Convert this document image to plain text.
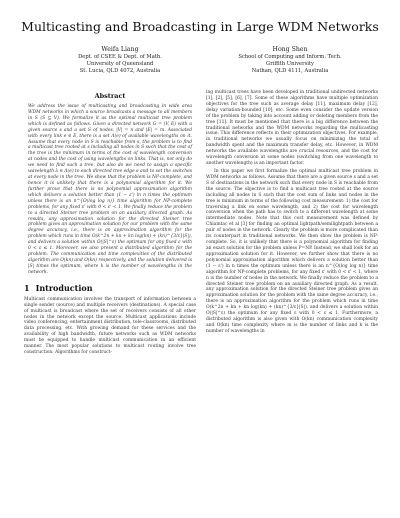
Multicasting and Broadcasting in Large WDM Networks
Weifa Liang
Dept. of CSEE & Dept. of Math.
University of Queensland
St. Lucia, QLD 4072, Australia
Hong Shen
School of Computing and Inform. Tech.
Griffith University
Nathan, QLD 4111, Australia
Abstract

We address the issue of multicasting and broadcasting in wide area WDM networks in which a source broadcasts a message to all members in S (S ⊆ V). We formalize it as the optimal multicast tree problem which is defined as follows. Given a directed network G = (V, E) with a given source s and a set S of nodes, |V| = n and |E| = m. Associated with every link e ∈ E, there is a set Λ(e) of available wavelengths on it. Assume that every node in S is reachable from s, the problem is to find a multicast tree rooted at s including all nodes in S such that the cost of the tree is the minimum in terms of the cost of wavelength conversion at nodes and the cost of using wavelengths on links. That is, not only do we need to find such a tree, but also do we need to assign a specific wavelength λ ∈ Λ(e) to each directed tree edge e and to set the switches at every node in the tree. We show that the problem is NP-complete, and hence it is unlikely that there is a polynomial algorithm for it. We further prove that there is no polynomial approximation algorithm which delivers a solution better than (1 − ε') ln n times the optimum unless there is an n^{O(log log n)} time algorithm for NP-complete problems, for any fixed ε' with 0 < ε' < 1. We finally reduce the problem to a directed Steiner tree problem on an auxiliary directed graph. As results, any approximation solution for the directed Steiner tree problem gives an approximation solution for our problem with the same degree accuracy, i.e., there is an approximation algorithm for the problem which runs in time O(k^2n + kn + kn log(kn) + (kn)^{3/ε}|S|), and delivers a solution within O(|S|^ε) the optimum for any fixed ε with 0 < ε ≤ 1. Moreover, we also present a distributed algorithm for the problem. The communication and time complexities of the distributed algorithm are O(kn) and O(kn) respectively, and the solution delivered is |S| times the optimum, where k is the number of wavelengths in the network.

1 Introduction

Multicast communication involves the transport of information between a single sender (source) and multiple receivers (destinations). A special case of multicast is broadcast where the set of receivers consists of all other nodes in the network except the source. Multicast applications include video conferencing, entertainment distribution, tele-classrooms, distributed data processing, etc. With growing demand for these services and the availability of high bandwidth, future networks such as WDM networks must be equipped to handle multicast communication in an efficient manner. The most popular solutions to multicast routing involve tree construction. Algorithms for construct-

ing multicast trees have been developed in traditional undirected networks [1], [2], [5], [6], [7]. Some of these algorithms have multiple optimization objectives for the tree such as average delay [11], maximum delay [12], delay variation-bounded [10], etc. Some even consider the update version of the problem by taking into account adding or deleting members from the tree [11]. It must be mentioned that there is a big difference between the traditional networks and the WDM networks regarding the multicasting issue. This difference reflects in their optimization objectives. For example, in traditional networks we usually focus on minimizing the total of bandwidth spent and the maximum transfer delay, etc. However, in WDM networks the available wavelengths are crucial resources, and the cost for wavelength conversion at some nodes (switching from one wavelength to another wavelength) is an important factor.

In this paper we first formalize the optimal multicast tree problem in WDM networks as follows. Assume that there are a given source s and a set S of destinations in the network such that every node in S is reachable from the source. The objective is to find a multicast tree rooted at the source including all nodes in S such that the cost sum of links and nodes in the tree is minimum in terms of the following cost measurement: 1) the cost for traversing a link on some wavelength, and 2) the cost for wavelength conversion when the path has to switch to a different wavelength at some intermediate nodes. Note that this cost measurement was defined by Chlamtac et al [3] for finding an optimal lightpath/semilightpath between a pair of nodes in the network. Clearly the problem is more complicated than its counterpart in traditional networks. We then show the problem is NP-complete. So, it is unlikely that there is a polynomial algorithm for finding an exact solution for the problem unless P=NP. Instead, we shall look for an approximation solution for it. However, we further show that there is no polynomial approximation algorithm which delivers a solution better than (1 − ε') ln n times the optimum unless there is an n^{O(log log n)} time algorithm for NP-complete problems, for any fixed ε' with 0 < ε' < 1, where n is the number of nodes in the network. We finally reduce the problem to a directed Steiner tree problem on an auxiliary directed graph. As a result, any approximation solution for the directed Steiner tree problem gives an approximation solution for the problem with the same degree accuracy, i.e., there is an approximation algorithm for the problem which runs in time O(k^2n + kn + kn log(kn) + (kn)^{3/ε}|S|), and delivers a solution within O(|S|^ε) the optimum for any fixed ε with 0 < ε ≤ 1. Furthermore, a distributed algorithm is also given with O(kn) communication complexity and O(kn) time complexity where m is the number of links and k is the number of wavelengths in
